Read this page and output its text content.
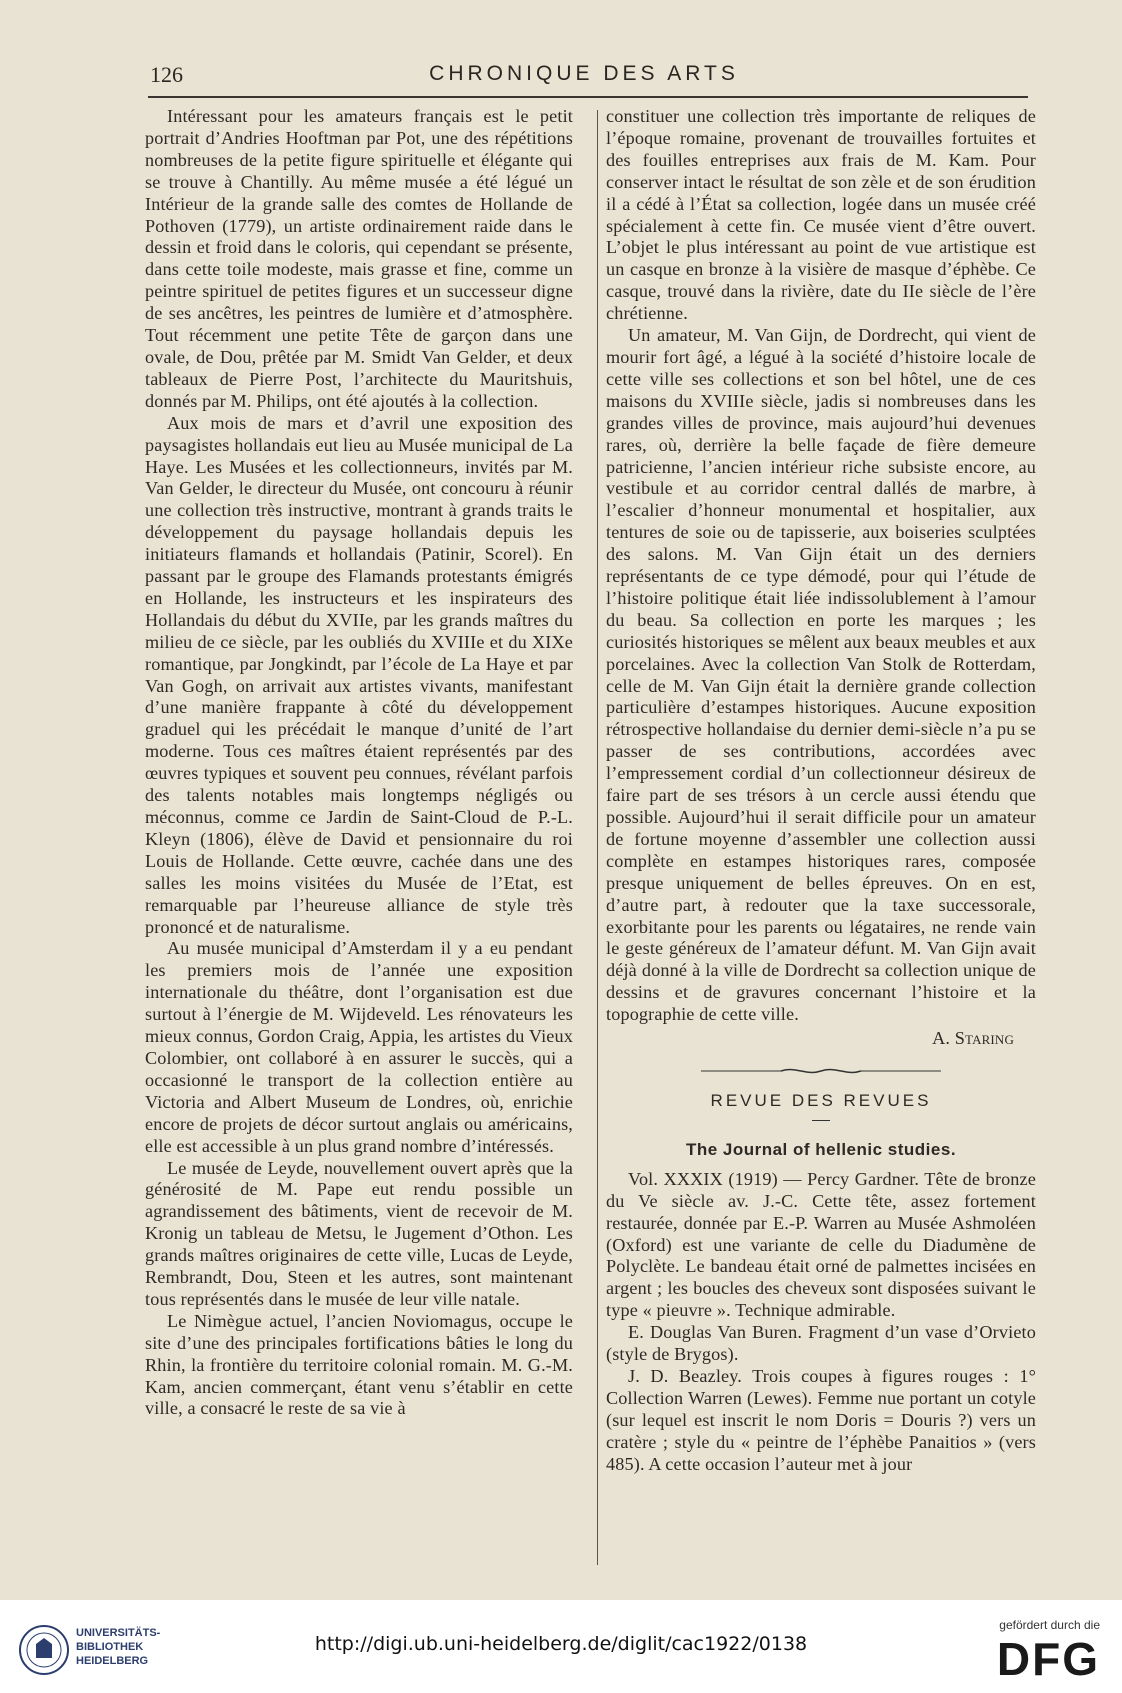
126	CHRONIQUE DES ARTS

Intéressant pour les amateurs français est le petit portrait d’Andries Hooftman par Pot, une des répétitions nombreuses de la petite figure spirituelle et élégante qui se trouve à Chantilly. Au même musée a été légué un Intérieur de la grande salle des comtes de Hollande de Pothoven (1779), un artiste ordinairement raide dans le dessin et froid dans le coloris, qui cependant se présente, dans cette toile modeste, mais grasse et fine, comme un peintre spirituel de petites figures et un successeur digne de ses ancêtres, les peintres de lumière et d’atmosphère. Tout récemment une petite Tête de garçon dans une ovale, de Dou, prêtée par M. Smidt Van Gelder, et deux tableaux de Pierre Post, l’architecte du Mauritshuis, donnés par M. Philips, ont été ajoutés à la collection.

Aux mois de mars et d’avril une exposition des paysagistes hollandais eut lieu au Musée municipal de La Haye. Les Musées et les collectionneurs, invités par M. Van Gelder, le directeur du Musée, ont concouru à réunir une collection très instructive, montrant à grands traits le développement du paysage hollandais depuis les initiateurs flamands et hollandais (Patinir, Scorel). En passant par le groupe des Flamands protestants émigrés en Hollande, les instructeurs et les inspirateurs des Hollandais du début du XVIIe, par les grands maîtres du milieu de ce siècle, par les oubliés du XVIIIe et du XIXe romantique, par Jongkindt, par l’école de La Haye et par Van Gogh, on arrivait aux artistes vivants, manifestant d’une manière frappante à côté du développement graduel qui les précédait le manque d’unité de l’art moderne. Tous ces maîtres étaient représentés par des œuvres typiques et souvent peu connues, révélant parfois des talents notables mais longtemps négligés ou méconnus, comme ce Jardin de Saint-Cloud de P.-L. Kleyn (1806), élève de David et pensionnaire du roi Louis de Hollande. Cette œuvre, cachée dans une des salles les moins visitées du Musée de l’Etat, est remarquable par l’heureuse alliance de style très prononcé et de naturalisme.

Au musée municipal d’Amsterdam il y a eu pendant les premiers mois de l’année une exposition internationale du théâtre, dont l’organisation est due surtout à l’énergie de M. Wijdeveld. Les rénovateurs les mieux connus, Gordon Craig, Appia, les artistes du Vieux Colombier, ont collaboré à en assurer le succès, qui a occasionné le transport de la collection entière au Victoria and Albert Museum de Londres, où, enrichie encore de projets de décor surtout anglais ou américains, elle est accessible à un plus grand nombre d’intéressés.

Le musée de Leyde, nouvellement ouvert après que la générosité de M. Pape eut rendu possible un agrandissement des bâtiments, vient de recevoir de M. Kronig un tableau de Metsu, le Jugement d’Othon. Les grands maîtres originaires de cette ville, Lucas de Leyde, Rembrandt, Dou, Steen et les autres, sont maintenant tous représentés dans le musée de leur ville natale.

Le Nimègue actuel, l’ancien Noviomagus, occupe le site d’une des principales fortifications bâties le long du Rhin, la frontière du territoire colonial romain. M. G.-M. Kam, ancien commerçant, étant venu s’établir en cette ville, a consacré le reste de sa vie à

constituer une collection très importante de reliques de l’époque romaine, provenant de trouvailles fortuites et des fouilles entreprises aux frais de M. Kam. Pour conserver intact le résultat de son zèle et de son érudition il a cédé à l’État sa collection, logée dans un musée créé spécialement à cette fin. Ce musée vient d’être ouvert. L’objet le plus intéressant au point de vue artistique est un casque en bronze à la visière de masque d’éphèbe. Ce casque, trouvé dans la rivière, date du IIe siècle de l’ère chrétienne.

Un amateur, M. Van Gijn, de Dordrecht, qui vient de mourir fort âgé, a légué à la société d’histoire locale de cette ville ses collections et son bel hôtel, une de ces maisons du XVIIIe siècle, jadis si nombreuses dans les grandes villes de province, mais aujourd’hui devenues rares, où, derrière la belle façade de fière demeure patricienne, l’ancien intérieur riche subsiste encore, au vestibule et au corridor central dallés de marbre, à l’escalier d’honneur monumental et hospitalier, aux tentures de soie ou de tapisserie, aux boiseries sculptées des salons. M. Van Gijn était un des derniers représentants de ce type démodé, pour qui l’étude de l’histoire politique était liée indissolublement à l’amour du beau. Sa collection en porte les marques ; les curiosités historiques se mêlent aux beaux meubles et aux porcelaines. Avec la collection Van Stolk de Rotterdam, celle de M. Van Gijn était la dernière grande collection particulière d’estampes historiques. Aucune exposition rétrospective hollandaise du dernier demi-siècle n’a pu se passer de ses contributions, accordées avec l’empressement cordial d’un collectionneur désireux de faire part de ses trésors à un cercle aussi étendu que possible. Aujourd’hui il serait difficile pour un amateur de fortune moyenne d’assembler une collection aussi complète en estampes historiques rares, composée presque uniquement de belles épreuves. On en est, d’autre part, à redouter que la taxe successorale, exorbitante pour les parents ou légataires, ne rende vain le geste généreux de l’amateur défunt. M. Van Gijn avait déjà donné à la ville de Dordrecht sa collection unique de dessins et de gravures concernant l’histoire et la topographie de cette ville.

A. Staring

REVUE DES REVUES

The Journal of hellenic studies.

Vol. XXXIX (1919) — Percy Gardner. Tête de bronze du Ve siècle av. J.-C. Cette tête, assez fortement restaurée, donnée par E.-P. Warren au Musée Ashmoléen (Oxford) est une variante de celle du Diadumène de Polyclète. Le bandeau était orné de palmettes incisées en argent ; les boucles des cheveux sont disposées suivant le type « pieuvre ». Technique admirable.

E. Douglas Van Buren. Fragment d’un vase d’Orvieto (style de Brygos).

J. D. Beazley. Trois coupes à figures rouges : 1° Collection Warren (Lewes). Femme nue portant un cotyle (sur lequel est inscrit le nom Doris = Douris ?) vers un cratère ; style du « peintre de l’éphèbe Panaitios » (vers 485). A cette occasion l’auteur met à jour

UNIVERSITÄTS-
BIBLIOTHEK
HEIDELBERG
http://digi.ub.uni-heidelberg.de/diglit/cac1922/0138
gefördert durch die
DFG
